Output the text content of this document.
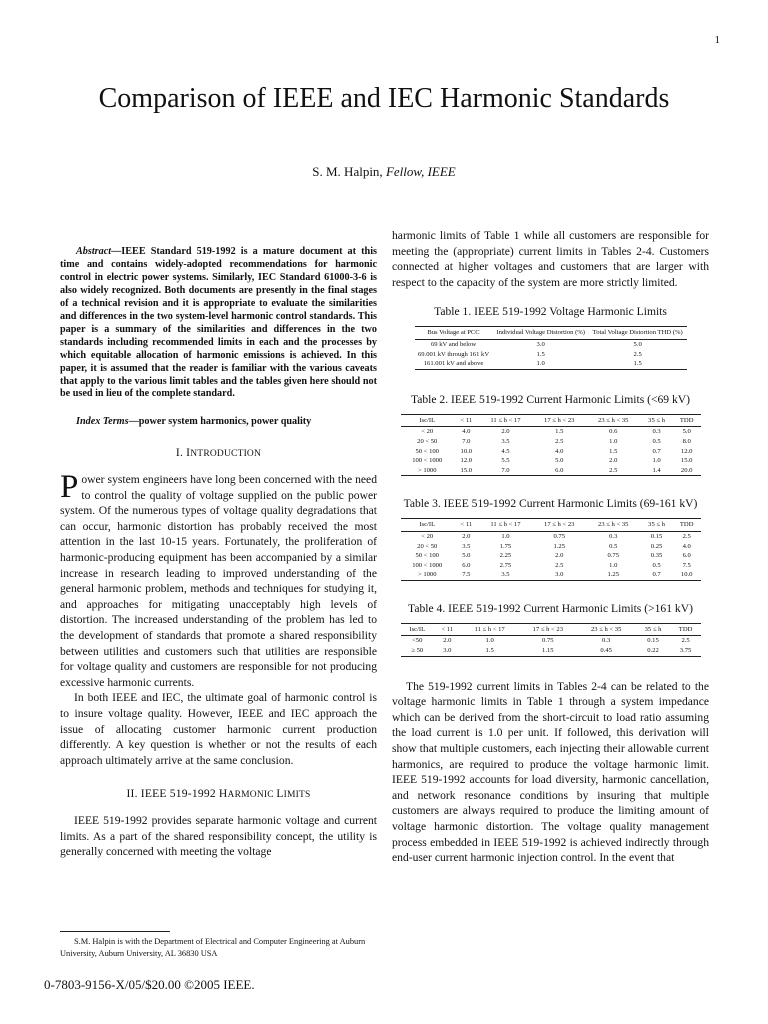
1
Comparison of IEEE and IEC Harmonic Standards
S. M. Halpin, Fellow, IEEE

Abstract—IEEE Standard 519-1992 is a mature document at this time and contains widely-adopted recommendations for harmonic control in electric power systems. Similarly, IEC Standard 61000-3-6 is also widely recognized. Both documents are presently in the final stages of a technical revision and it is appropriate to evaluate the similarities and differences in the two system-level harmonic control standards. This paper is a summary of the similarities and differences in the two standards including recommended limits in each and the processes by which equitable allocation of harmonic emissions is achieved. In this paper, it is assumed that the reader is familiar with the various caveats that apply to the various limit tables and the tables given here should not be used in lieu of the complete standard.

Index Terms—power system harmonics, power quality

I. INTRODUCTION

Power system engineers have long been concerned with the need to control the quality of voltage supplied on the public power system. Of the numerous types of voltage quality degradations that can occur, harmonic distortion has probably received the most attention in the last 10-15 years. Fortunately, the proliferation of harmonic-producing equipment has been accompanied by a similar increase in research leading to improved understanding of the general harmonic problem, methods and techniques for studying it, and approaches for mitigating unacceptably high levels of distortion. The increased understanding of the problem has led to the development of standards that promote a shared responsibility between utilities and customers such that utilities are responsible for voltage quality and customers are responsible for not producing excessive harmonic currents.

In both IEEE and IEC, the ultimate goal of harmonic control is to insure voltage quality. However, IEEE and IEC approach the issue of allocating customer harmonic current production differently. A key question is whether or not the results of each approach ultimately arrive at the same conclusion.

II. IEEE 519-1992 HARMONIC LIMITS

IEEE 519-1992 provides separate harmonic voltage and current limits. As a part of the shared responsibility concept, the utility is generally concerned with meeting the voltage

harmonic limits of Table 1 while all customers are responsible for meeting the (appropriate) current limits in Tables 2-4. Customers connected at higher voltages and customers that are larger with respect to the capacity of the system are more strictly limited.

Table 1. IEEE 519-1992 Voltage Harmonic Limits
Bus Voltage at PCC	Individual Voltage Distortion (%)	Total Voltage Distortion THD (%)
69 kV and below	3.0	5.0
69.001 kV through 161 kV	1.5	2.5
161.001 kV and above	1.0	1.5
Table 2. IEEE 519-1992 Current Harmonic Limits (<69 kV)
Isc/IL	< 11	11 ≤ h < 17	17 ≤ h < 23	23 ≤ h < 35	35 ≤ h	TDD
< 20	4.0	2.0	1.5	0.6	0.3	5.0
20 < 50	7.0	3.5	2.5	1.0	0.5	8.0
50 < 100	10.0	4.5	4.0	1.5	0.7	12.0
100 < 1000	12.0	5.5	5.0	2.0	1.0	15.0
> 1000	15.0	7.0	6.0	2.5	1.4	20.0
Table 3. IEEE 519-1992 Current Harmonic Limits (69-161 kV)
Isc/IL	< 11	11 ≤ h < 17	17 ≤ h < 23	23 ≤ h < 35	35 ≤ h	TDD
< 20	2.0	1.0	0.75	0.3	0.15	2.5
20 < 50	3.5	1.75	1.25	0.5	0.25	4.0
50 < 100	5.0	2.25	2.0	0.75	0.35	6.0
100 < 1000	6.0	2.75	2.5	1.0	0.5	7.5
> 1000	7.5	3.5	3.0	1.25	0.7	10.0
Table 4. IEEE 519-1992 Current Harmonic Limits (>161 kV)
Isc/IL	< 11	11 ≤ h < 17	17 ≤ h < 23	23 ≤ h < 35	35 ≤ h	TDD
<50	2.0	1.0	0.75	0.3	0.15	2.5
≥ 50	3.0	1.5	1.15	0.45	0.22	3.75

The 519-1992 current limits in Tables 2-4 can be related to the voltage harmonic limits in Table 1 through a system impedance which can be derived from the short-circuit to load ratio assuming the load current is 1.0 per unit. If followed, this derivation will show that multiple customers, each injecting their allowable current harmonics, are required to produce the voltage harmonic limit. IEEE 519-1992 accounts for load diversity, harmonic cancellation, and network resonance conditions by insuring that multiple customers are always required to produce the limiting amount of voltage harmonic distortion. The voltage quality management process embedded in IEEE 519-1992 is achieved indirectly through end-user current harmonic injection control. In the event that

S.M. Halpin is with the Department of Electrical and Computer Engineering at Auburn University, Auburn University, AL 36830 USA
0-7803-9156-X/05/$20.00 ©2005 IEEE.
